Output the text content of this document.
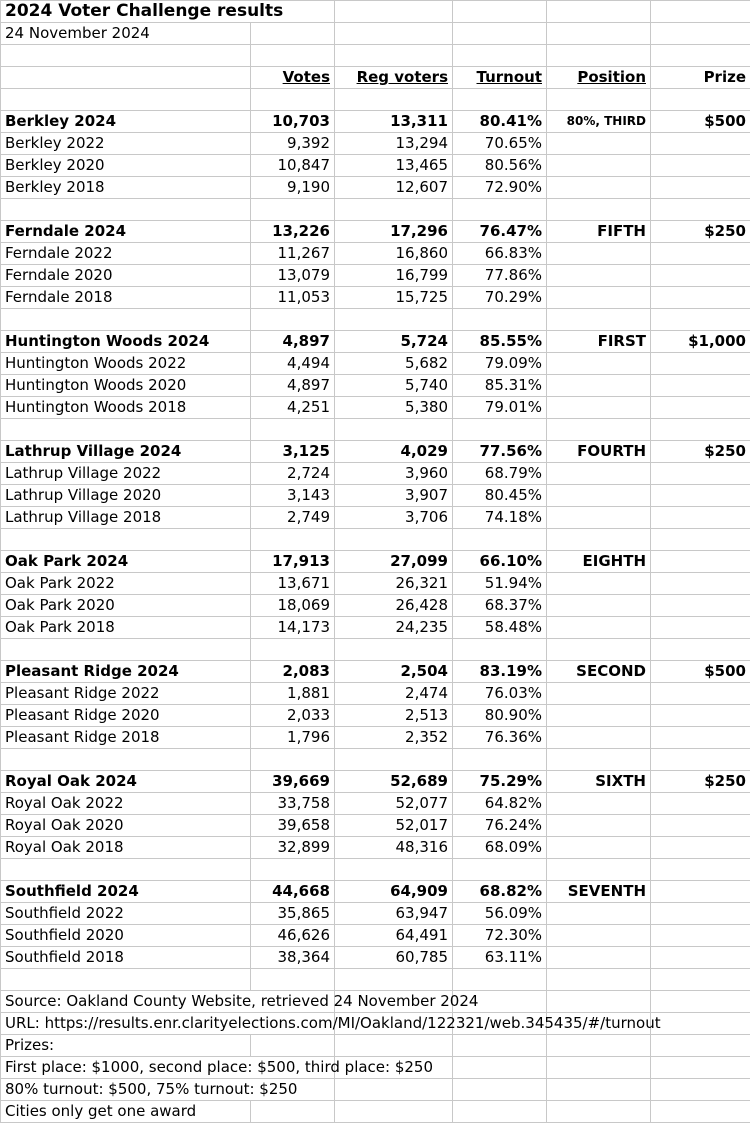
2024 Voter Challenge results					
24 November 2024					

	Votes	Reg voters	Turnout	Position	Prize

Berkley 2024	10,703	13,311	80.41%	80%, THIRD	$500
Berkley 2022	9,392	13,294	70.65%		
Berkley 2020	10,847	13,465	80.56%		
Berkley 2018	9,190	12,607	72.90%		

Ferndale 2024	13,226	17,296	76.47%	FIFTH	$250
Ferndale 2022	11,267	16,860	66.83%		
Ferndale 2020	13,079	16,799	77.86%		
Ferndale 2018	11,053	15,725	70.29%		

Huntington Woods 2024	4,897	5,724	85.55%	FIRST	$1,000
Huntington Woods 2022	4,494	5,682	79.09%		
Huntington Woods 2020	4,897	5,740	85.31%		
Huntington Woods 2018	4,251	5,380	79.01%		

Lathrup Village 2024	3,125	4,029	77.56%	FOURTH	$250
Lathrup Village 2022	2,724	3,960	68.79%		
Lathrup Village 2020	3,143	3,907	80.45%		
Lathrup Village 2018	2,749	3,706	74.18%		

Oak Park 2024	17,913	27,099	66.10%	EIGHTH	
Oak Park 2022	13,671	26,321	51.94%		
Oak Park 2020	18,069	26,428	68.37%		
Oak Park 2018	14,173	24,235	58.48%		

Pleasant Ridge 2024	2,083	2,504	83.19%	SECOND	$500
Pleasant Ridge 2022	1,881	2,474	76.03%		
Pleasant Ridge 2020	2,033	2,513	80.90%		
Pleasant Ridge 2018	1,796	2,352	76.36%		

Royal Oak 2024	39,669	52,689	75.29%	SIXTH	$250
Royal Oak 2022	33,758	52,077	64.82%		
Royal Oak 2020	39,658	52,017	76.24%		
Royal Oak 2018	32,899	48,316	68.09%		

Southfield 2024	44,668	64,909	68.82%	SEVENTH	
Southfield 2022	35,865	63,947	56.09%		
Southfield 2020	46,626	64,491	72.30%		
Southfield 2018	38,364	60,785	63.11%		

Source: Oakland County Website, retrieved 24 November 2024					
URL: https://results.enr.clarityelections.com/MI/Oakland/122321/web.345435/#/turnout					
Prizes:					
First place: $1000, second place: $500, third place: $250					
80% turnout: $500, 75% turnout: $250					
Cities only get one award					
